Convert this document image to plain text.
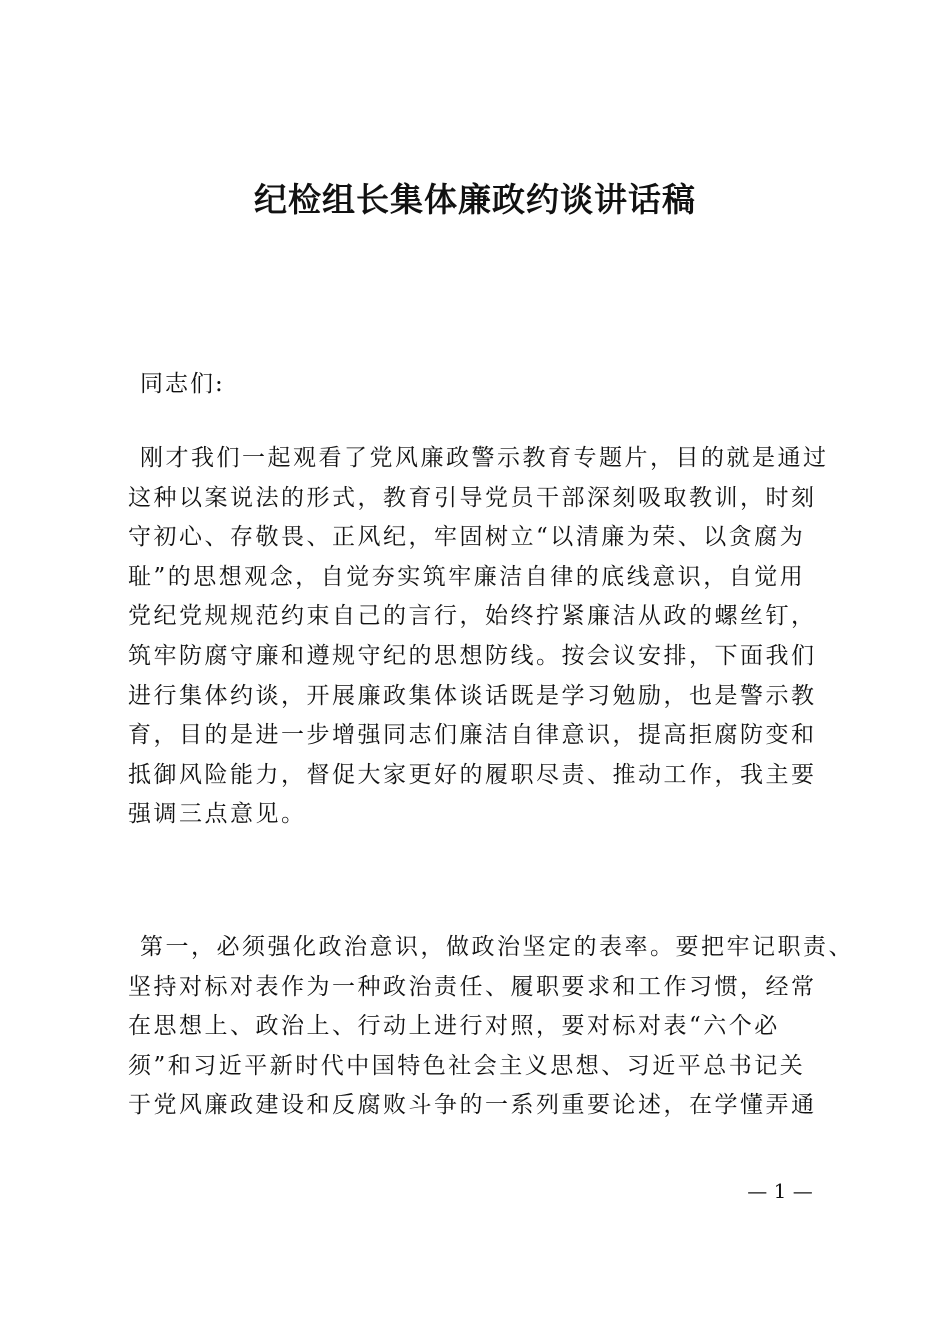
纪检组长集体廉政约谈讲话稿

同志们:

刚才我们一起观看了党风廉政警示教育专题片，目的就是通过
这种以案说法的形式，教育引导党员干部深刻吸取教训，时刻
守初心、存敬畏、正风纪，牢固树立“以清廉为荣、以贪腐为
耻”的思想观念，自觉夯实筑牢廉洁自律的底线意识，自觉用
党纪党规规范约束自己的言行，始终拧紧廉洁从政的螺丝钉，
筑牢防腐守廉和遵规守纪的思想防线。按会议安排，下面我们
进行集体约谈，开展廉政集体谈话既是学习勉励，也是警示教
育，目的是进一步增强同志们廉洁自律意识，提高拒腐防变和
抵御风险能力，督促大家更好的履职尽责、推动工作，我主要
强调三点意见。
第一，必须强化政治意识，做政治坚定的表率。要把牢记职责、
坚持对标对表作为一种政治责任、履职要求和工作习惯，经常
在思想上、政治上、行动上进行对照，要对标对表“六个必
须”和习近平新时代中国特色社会主义思想、习近平总书记关
于党风廉政建设和反腐败斗争的一系列重要论述，在学懂弄通

— 1 —
